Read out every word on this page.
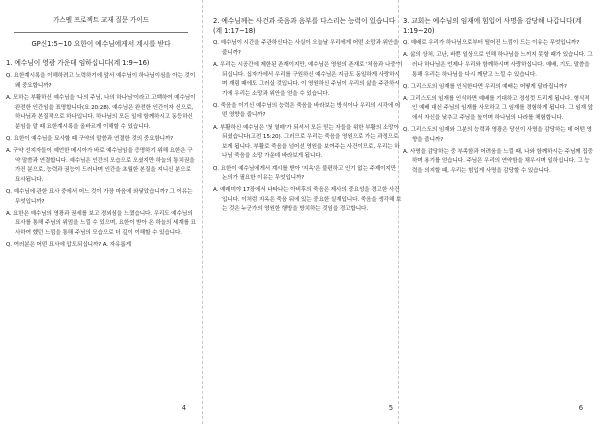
가스펠 프로젝트 교재 질문 가이드
GP신1:5~10 요한이 예수님에게서 계시를 받다
1. 예수님이 영광 가운데 임하십니다(계 1:9~16)
Q. 요한계시록을 이해하려고 노력하기에 앞서 예수님이 하나님이심을 아는 것이 왜 중요합니까?
A. 모하는 부활하신 예수님을 '나의 주님, 나의 하나님'이라고 고백하여 예수님이 완전한 인간임을 표명합니다(요 20:28). 예수님은 완전한 인간이자 신으로, 하나님과 본질적으로 하나입니다. 하나님의 모든 일에 함께하시고 동등하신 분임을 알 때 요한계시록을 올바르게 이해할 수 있습니다.
Q. 요한이 예수님을 묘사할 때 구약의 말씀과 연결한 것의 중요함니까?
A. 구약 선지자들이 예언한 메시아가 바로 예수님임을 증명하기 위해 요한은 구약 말씀과 연결합니다. 예수님은 인간의 모습으로 오셨지만 하늘의 통치권을 가진 분으로, 능력과 권능이 드러나며 인간을 초월한 본질을 지니신 분으로 묘사됩니다.
Q. 예수님에 관한 묘사 중에서 어느 것이 가장 마음에 와닿았습니까? 그 이유는 무엇입니까?
A. 요한은 예수님의 영광과 권세를 보고 경외심을 느꼈습니다. 우리도 예수님의 묘사를 통해 주님의 위엄을 느낄 수 있으며, 요한이 받아 온 하늘의 세계를 묘사하여 했던 느낌을 통해 주님의 모습으로 더 깊이 이해할 수 있습니다.
Q. 여러분은 어떤 묘사에 압도되십니까? A. 자유롭게
4
2. 예수님께는 사건과 죽음과 음부를 다스리는 능력이 있습니다(계 1:17~18)
Q. 예수님이 시간을 주관하신다는 사실이 오늘날 우리에게 어떤 소망과 위안을 줍니까?
A. 우리는 시공간에 제한된 존재이지만, 예수님은 영원의 존재로 '처음과 나중'이 되십니다. 십자가에서 우리를 구원하신 예수님은 지금도 동일하게 사랑하시며 재림 때에도 그러실 것입니다. 이 영원하신 주님이 우리의 삶을 주관하시기에 우리는 소망과 위안을 얻을 수 있습니다.
Q. 죽음을 이기신 예수님의 능력은 죽음을 바라보는 방식이나 우리의 시각에 어떤 영향을 줍니까?
A. 부활하신 예수님은 '첫 열매'가 되셔서 모든 믿는 자들을 위한 부활의 소망이 되셨습니다(고전 15:20). 그러므로 우리는 죽음을 영원으로 가는 과정으로 보게 됩니다. 부활로 죽음을 넘어선 영원을 보여주는 사건이므로, 우리는 하나님 죽음을 소망 가운데 바라보게 됩니다.
Q. 요한이 예수님에게서 계시를 받아 '지옥'은 불편하고 인기 없는 주제이지만 논의가 필요한 이유는 무엇입니까?
A. 예레미야 17장에서 나타나는 아비후의 죽음은 제사의 중요성을 경고한 사건입니다. 이처럼 지옥은 죽음 뒤에 있는 중요한 실재입니다. 죽음을 생각해 보는 것은 누군가의 영원한 행방을 방치하는 것임을 경고합니다.
5
3. 교회는 예수님의 임재에 힘입어 사명을 감당해 나갑니다(계 1:19~20)
Q. 예배로 우리가 하나님으로부터 떨어진 느낌이 드는 이유는 무엇입니까?
A. 삶의 상처, 고난, 바쁜 일상으로 인해 하나님을 느끼지 못할 때가 있습니다. 그러나 하나님은 언제나 우리와 함께하시며 사랑하십니다. 예배, 기도, 말씀을 통해 우리는 하나님을 다시 깨닫고 느낄 수 있습니다.
Q. 그리스도의 임재를 인식한다면 우리의 예배는 어떻게 달라집니까?
A. 그리스도의 임재를 인식하면 예배를 기대하고 정성껏 드리게 됩니다. 형식적인 예배 대신 주님의 임재를 사모하고 그 임재를 경험하게 됩니다. 그 임재 앞에서 자신을 낮추고 주님을 높이며 하나님의 나라를 체험합니다.
Q. 그리스도의 임재와 그분의 능력과 영광은 당신이 사명을 감당하는 데 어떤 영향을 줍니까?
A. 사명을 감당하는 중 부족함과 어려움을 느낄 때, 나와 함께하시는 주님께 집중하며 용기를 얻습니다. 주님은 우리의 연약함을 채우시며 일하십니다. 그 능력을 의지할 때, 우리는 힘입게 사명을 감당할 수 있습니다.
6
